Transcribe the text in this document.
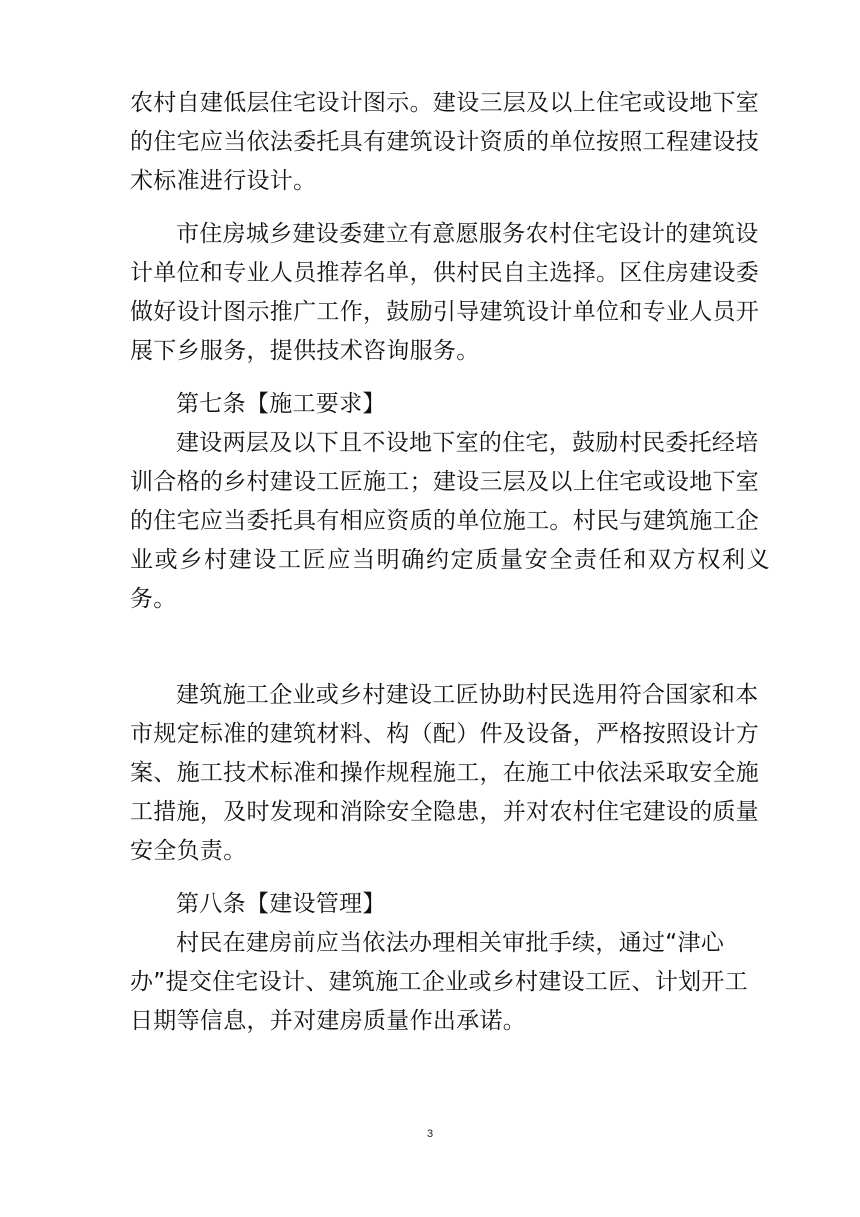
农村自建低层住宅设计图示。建设三层及以上住宅或设地下室
的住宅应当依法委托具有建筑设计资质的单位按照工程建设技
术标准进行设计。

市住房城乡建设委建立有意愿服务农村住宅设计的建筑设
计单位和专业人员推荐名单，供村民自主选择。区住房建设委
做好设计图示推广工作，鼓励引导建筑设计单位和专业人员开
展下乡服务，提供技术咨询服务。

第七条【施工要求】

建设两层及以下且不设地下室的住宅，鼓励村民委托经培
训合格的乡村建设工匠施工；建设三层及以上住宅或设地下室
的住宅应当委托具有相应资质的单位施工。村民与建筑施工企
业或乡村建设工匠应当明确约定质量安全责任和双方权利义务。

建筑施工企业或乡村建设工匠协助村民选用符合国家和本
市规定标准的建筑材料、构（配）件及设备，严格按照设计方
案、施工技术标准和操作规程施工，在施工中依法采取安全施
工措施，及时发现和消除安全隐患，并对农村住宅建设的质量
安全负责。

第八条【建设管理】

村民在建房前应当依法办理相关审批手续，通过“津心
办”提交住宅设计、建筑施工企业或乡村建设工匠、计划开工
日期等信息，并对建房质量作出承诺。

3
